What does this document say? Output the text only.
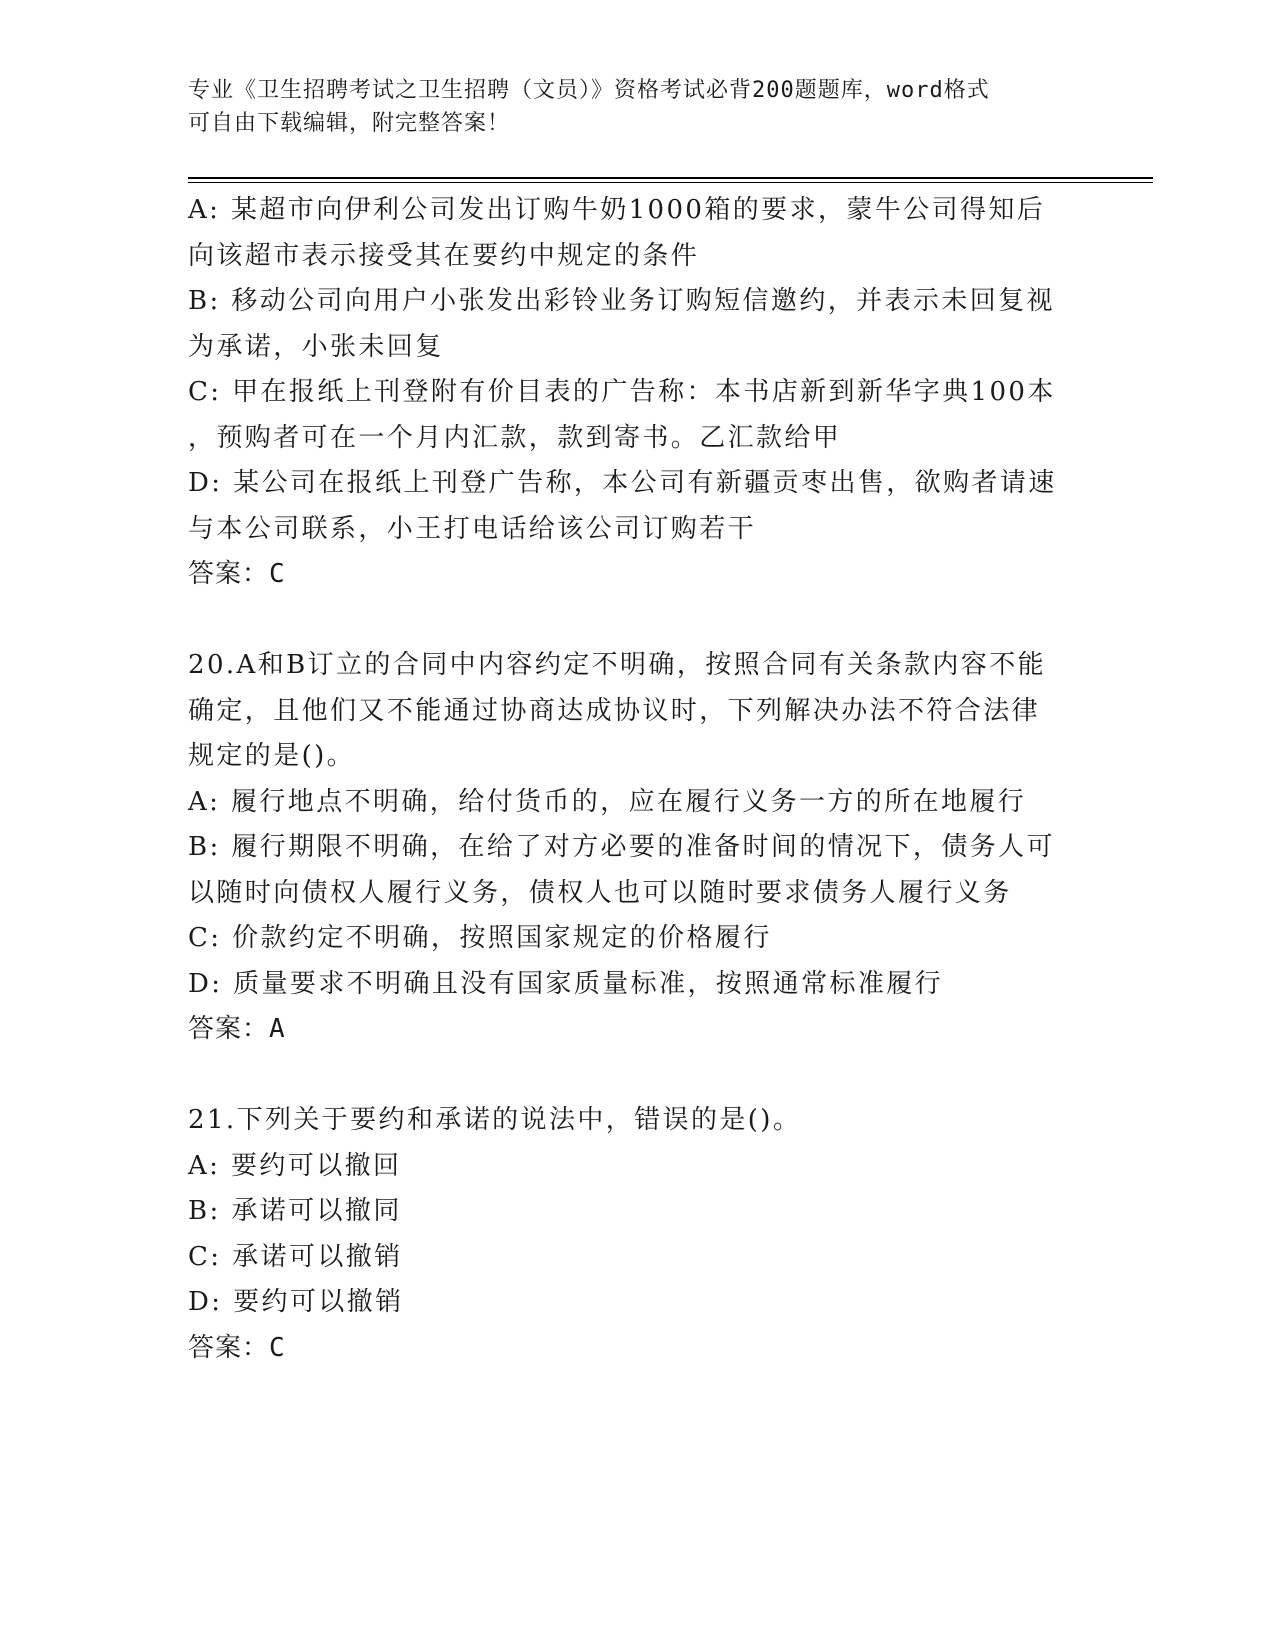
专业《卫生招聘考试之卫生招聘（文员）》资格考试必背200题题库，word格式
可自由下载编辑，附完整答案！
A: 某超市向伊利公司发出订购牛奶1000箱的要求，蒙牛公司得知后
向该超市表示接受其在要约中规定的条件
B: 移动公司向用户小张发出彩铃业务订购短信邀约，并表示未回复视
为承诺，小张未回复
C: 甲在报纸上刊登附有价目表的广告称：本书店新到新华字典100本
，预购者可在一个月内汇款，款到寄书。乙汇款给甲
D: 某公司在报纸上刊登广告称，本公司有新疆贡枣出售，欲购者请速
与本公司联系，小王打电话给该公司订购若干
答案：C
20.A和B订立的合同中内容约定不明确，按照合同有关条款内容不能
确定，且他们又不能通过协商达成协议时，下列解决办法不符合法律
规定的是()。
A: 履行地点不明确，给付货币的，应在履行义务一方的所在地履行
B: 履行期限不明确，在给了对方必要的准备时间的情况下，债务人可
以随时向债权人履行义务，债权人也可以随时要求债务人履行义务
C: 价款约定不明确，按照国家规定的价格履行
D: 质量要求不明确且没有国家质量标准，按照通常标准履行
答案：A
21.下列关于要约和承诺的说法中，错误的是()。
A: 要约可以撤回
B: 承诺可以撤同
C: 承诺可以撤销
D: 要约可以撤销
答案：C
